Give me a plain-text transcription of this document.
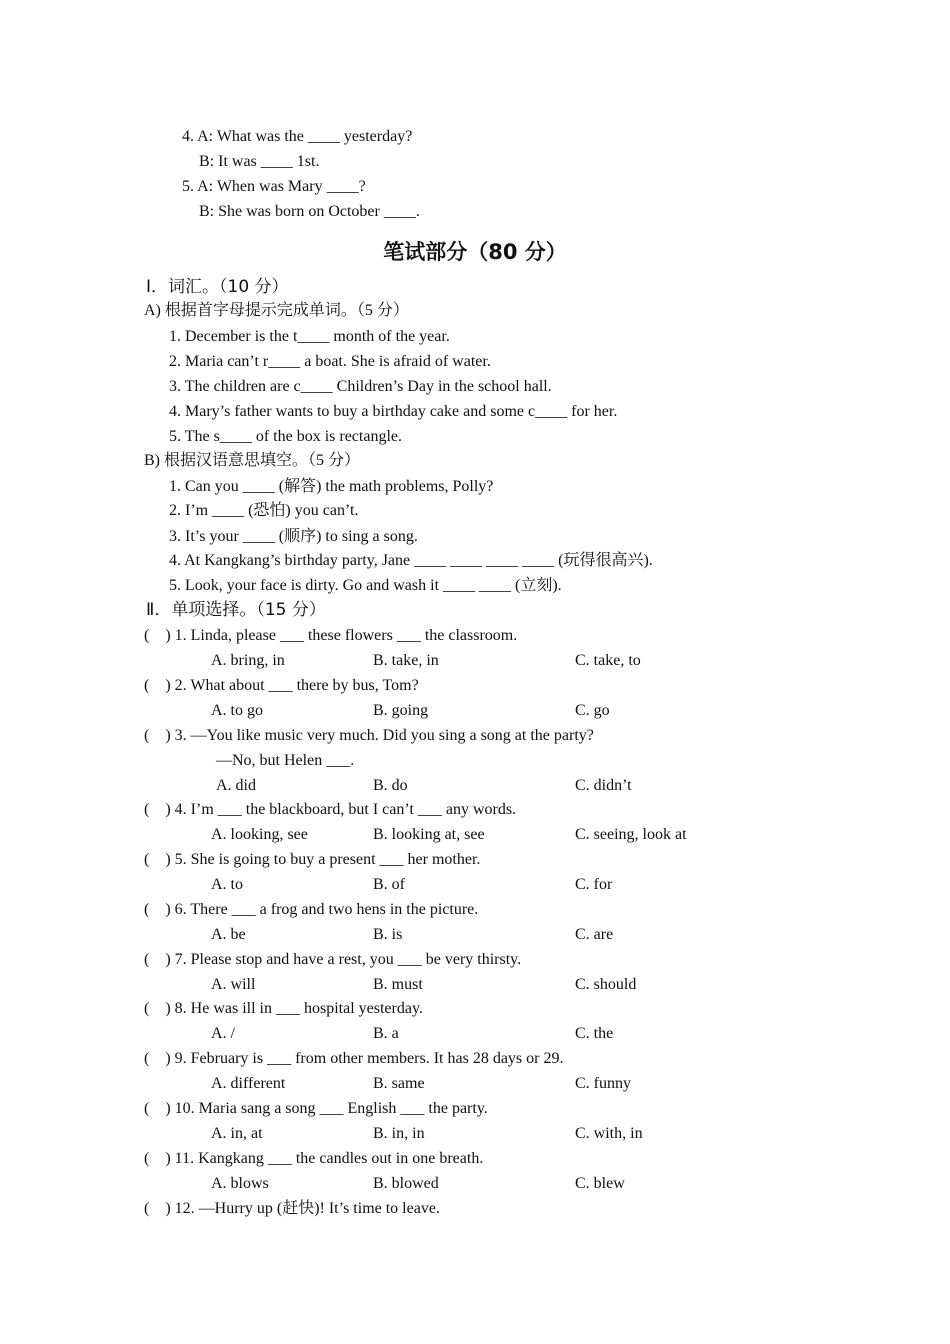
4. A: What was the ____ yesterday?
B: It was ____ 1st.
5. A: When was Mary ____?
B: She was born on October ____.
笔试部分（80 分）
Ⅰ．词汇。（10 分）
A) 根据首字母提示完成单词。（5 分）
1. December is the t____ month of the year.
2. Maria can’t r____ a boat. She is afraid of water.
3. The children are c____ Children’s Day in the school hall.
4. Mary’s father wants to buy a birthday cake and some c____ for her.
5. The s____ of the box is rectangle.
B) 根据汉语意思填空。（5 分）
1. Can you ____ (解答) the math problems, Polly?
2. I’m ____ (恐怕) you can’t.
3. It’s your ____ (顺序) to sing a song.
4. At Kangkang’s birthday party, Jane ____ ____ ____ ____ (玩得很高兴).
5. Look, your face is dirty. Go and wash it ____ ____ (立刻).
Ⅱ．单项选择。（15 分）
(    ) 1. Linda, please ___ these flowers ___ the classroom.
A. bring, in	B. take, in	C. take, to
(    ) 2. What about ___ there by bus, Tom?
A. to go	B. going	C. go
(    ) 3. —You like music very much. Did you sing a song at the party?
—No, but Helen ___.
A. did	B. do	C. didn’t
(    ) 4. I’m ___ the blackboard, but I can’t ___ any words.
A. looking, see	B. looking at, see	C. seeing, look at
(    ) 5. She is going to buy a present ___ her mother.
A. to	B. of	C. for
(    ) 6. There ___ a frog and two hens in the picture.
A. be	B. is	C. are
(    ) 7. Please stop and have a rest, you ___ be very thirsty.
A. will	B. must	C. should
(    ) 8. He was ill in ___ hospital yesterday.
A. /	B. a	C. the
(    ) 9. February is ___ from other members. It has 28 days or 29.
A. different	B. same	C. funny
(    ) 10. Maria sang a song ___ English ___ the party.
A. in, at	B. in, in	C. with, in
(    ) 11. Kangkang ___ the candles out in one breath.
A. blows	B. blowed	C. blew
(    ) 12. —Hurry up (赶快)! It’s time to leave.
